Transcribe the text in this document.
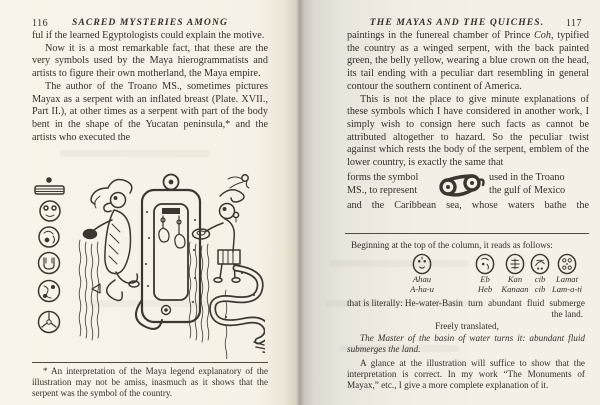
116	SACRED MYSTERIES AMONG

ful if the learned Egyptologists could explain the motive.

Now it is a most remarkable fact, that these are the very symbols used by the Maya hierogrammatists and artists to figure their own motherland, the Maya empire.

The author of the Troano MS., sometimes pictures Mayax as a serpent with an inflated breast (Plate. XVII., Part II.), at other times as a serpent with part of the body bent in the shape of the Yucatan peninsula,* and the artists who executed the

* An interpretation of the Maya legend explanatory of the illustration may not be amiss, inasmuch as it shows that the serpent was the symbol of the country.
117
THE MAYAS AND THE QUICHES.

paintings in the funereal chamber of Prince Coh, typified the country as a winged serpent, with the back painted green, the belly yellow, wearing a blue crown on the head, its tail ending with a peculiar dart resembling in general contour the southern continent of America.

This is not the place to give minute explanations of these symbols which I have considered in another work, I simply wish to consign here such facts as cannot be attributed altogether to hazard. So the peculiar twist against which rests the body of the serpent, emblem of the lower country, is exactly the same that

forms the symbol
MS., to represent
used in the Troano
the gulf of Mexico

and the Caribbean sea, whose waters bathe the

Beginning at the top of the column, it reads as follows:
Ahau
A-ha-u
Eb
Heb
Kan
Kanaan
cib
cib
Lamat
Lam-a-ti
that is literally: He-water-Basin turn abundant fluid submerge
the land.
Freely translated,
The Master of the basin of water turns it: abundant fluid submerges the land.
A glance at the illustration will suffice to show that the interpretation is correct. In my work “The Monuments of Mayax,” etc., I give a more complete explanation of it.
